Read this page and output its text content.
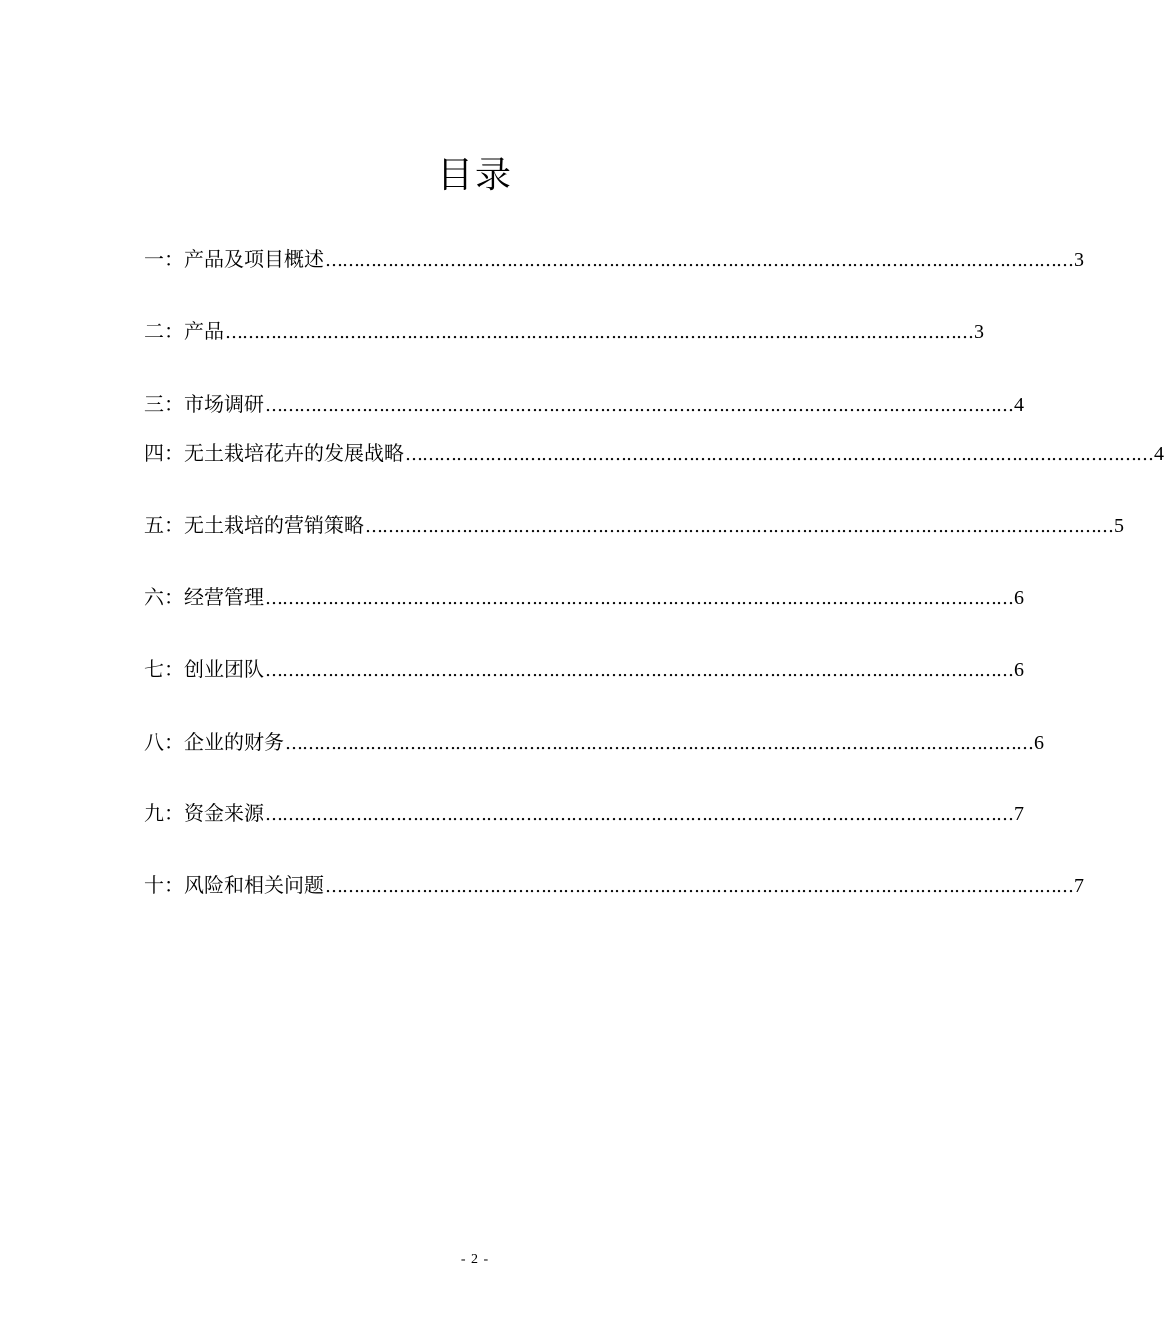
目录
一：产品及项目概述 …………………………………………………………………………………………………………………… 3
二：产品 …………………………………………………………………………………………………………………… 3
三：市场调研 …………………………………………………………………………………………………………………… 4
四：无土栽培花卉的发展战略 …………………………………………………………………………………………………………………… 4
五：无土栽培的营销策略 …………………………………………………………………………………………………………………… 5
六：经营管理 …………………………………………………………………………………………………………………… 6
七：创业团队 …………………………………………………………………………………………………………………… 6
八：企业的财务 …………………………………………………………………………………………………………………… 6
九：资金来源 …………………………………………………………………………………………………………………… 7
十：风险和相关问题 …………………………………………………………………………………………………………………… 7
- 2 -
